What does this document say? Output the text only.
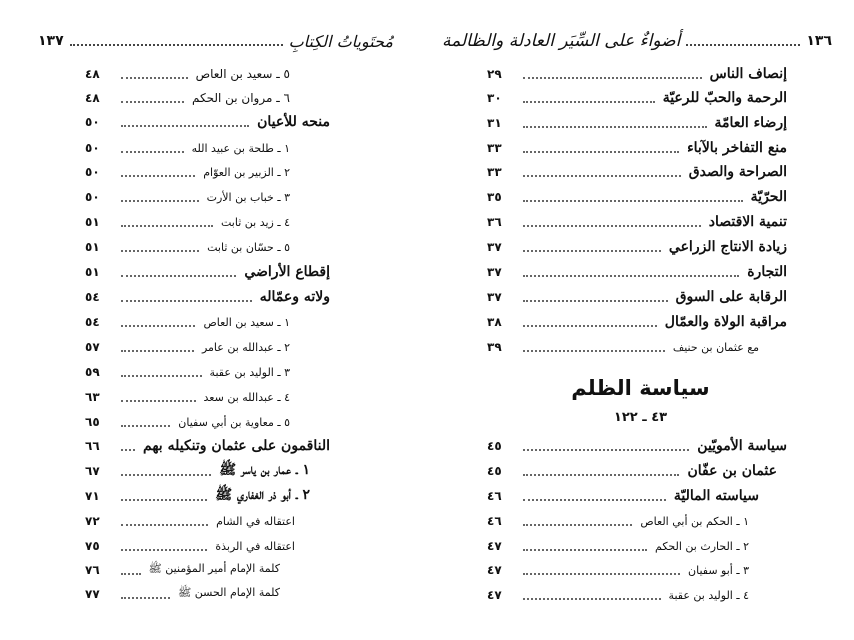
١٣٧	مُحتَوياتُ الكِتابِ
٤٨	٥ ـ سعيد بن العاص
٤٨	٦ ـ مروان بن الحكم
٥٠	منحه للأعيان
٥٠	١ ـ طلحة بن عبيد الله
٥٠	٢ ـ الزبير بن العوّام
٥٠	٣ ـ خباب بن الأرت
٥١	٤ ـ زيد بن ثابت
٥١	٥ ـ حسّان بن ثابت
٥١	إقطاع الأراضي
٥٤	ولاته وعمّاله
٥٤	١ ـ سعيد بن العاص
٥٧	٢ ـ عبدالله بن عامر
٥٩	٣ ـ الوليد بن عقبة
٦٣	٤ ـ عبدالله بن سعد
٦٥	٥ ـ معاوية بن أبي سفيان
٦٦	الناقمون على عثمان وتنكيله بهم
٦٧	١ ـ عمار بن ياسر ﷺ
٧١	٢ ـ أبو ذر الغفاري ﷺ
٧٢	اعتقاله في الشام
٧٥	اعتقاله في الربذة
٧٦	كلمة الإمام أمير المؤمنين ﷺ
٧٧	كلمة الإمام الحسن ﷺ
أضواءٌ على السِّيَر العادلة والظالمة	١٣٦
٢٩	إنصاف الناس
٣٠	الرحمة والحبّ للرعيّة
٣١	إرضاء العامّة
٣٣	منع التفاخر بالآباء
٣٣	الصراحة والصدق
٣٥	الحرّيّة
٣٦	تنمية الاقتصاد
٣٧	زيادة الانتاج الزراعي
٣٧	التجارة
٣٧	الرقابة على السوق
٣٨	مراقبة الولاة والعمّال
٣٩	مع عثمان بن حنيف
سياسة الظلم
٤٣ ـ ١٢٢
٤٥	سياسة الأمويّين
٤٥	عثمان بن عفّان
٤٦	سياسته الماليّة
٤٦	١ ـ الحكم بن أبي العاص
٤٧	٢ ـ الحارث بن الحكم
٤٧	٣ ـ أبو سفيان
٤٧	٤ ـ الوليد بن عقبة
